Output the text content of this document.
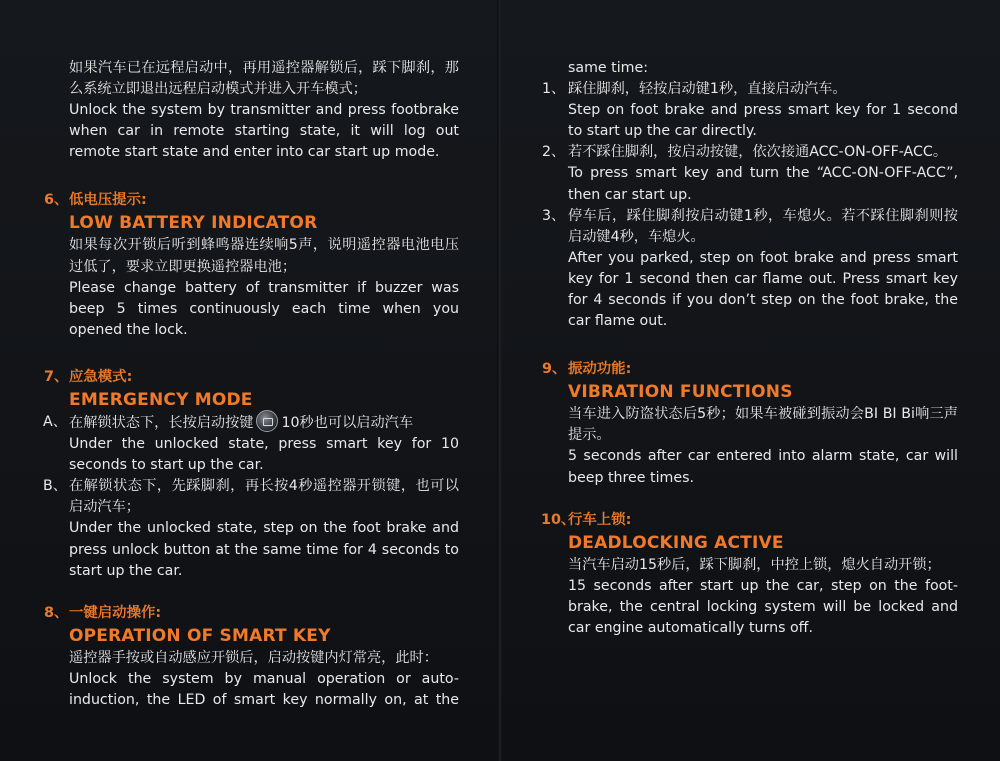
如果汽车已在远程启动中，再用遥控器解锁后，踩下脚刹，那么系统立即退出远程启动模式并进入开车模式；

Unlock the system by transmitter and press footbrake when car in remote starting state, it will log out remote start state and enter into car start up mode.

6、 低电压提示:
LOW BATTERY INDICATOR

如果每次开锁后听到蜂鸣器连续响5声，说明遥控器电池电压过低了，要求立即更换遥控器电池；

Please change battery of transmitter if buzzer was beep 5 times continuously each time when you opened the lock.

7、 应急模式:
EMERGENCY MODE
A、 在解锁状态下，长按启动按键 10秒也可以启动汽车

Under the unlocked state, press smart key for 10 seconds to start up the car.

B、 在解锁状态下，先踩脚刹，再长按4秒遥控器开锁键，也可以启动汽车；

Under the unlocked state, step on the foot brake and press unlock button at the same time for 4 seconds to start up the car.

8、 一键启动操作:
OPERATION OF SMART KEY

遥控器手按或自动感应开锁后，启动按键内灯常亮，此时：

Unlock the system by manual operation or auto-induction, the LED of smart key normally on, at the

same time:

1、 踩住脚刹，轻按启动键1秒，直接启动汽车。

Step on foot brake and press smart key for 1 second to start up the car directly.

2、 若不踩住脚刹，按启动按键，依次接通ACC-ON-OFF-ACC。

To press smart key and turn the “ACC-ON-OFF-ACC”, then car start up.

3、 停车后，踩住脚刹按启动键1秒，车熄火。若不踩住脚刹则按启动键4秒，车熄火。

After you parked, step on foot brake and press smart key for 1 second then car flame out. Press smart key for 4 seconds if you don’t step on the foot brake, the car flame out.

9、 振动功能:
VIBRATION FUNCTIONS

当车进入防盗状态后5秒；如果车被碰到振动会BI BI Bi响三声提示。

5 seconds after car entered into alarm state, car will beep three times.

10、
行车上锁:
DEADLOCKING ACTIVE

当汽车启动15秒后，踩下脚刹，中控上锁，熄火自动开锁；

15 seconds after start up the car, step on the foot-brake, the central locking system will be locked and car engine automatically turns off.
